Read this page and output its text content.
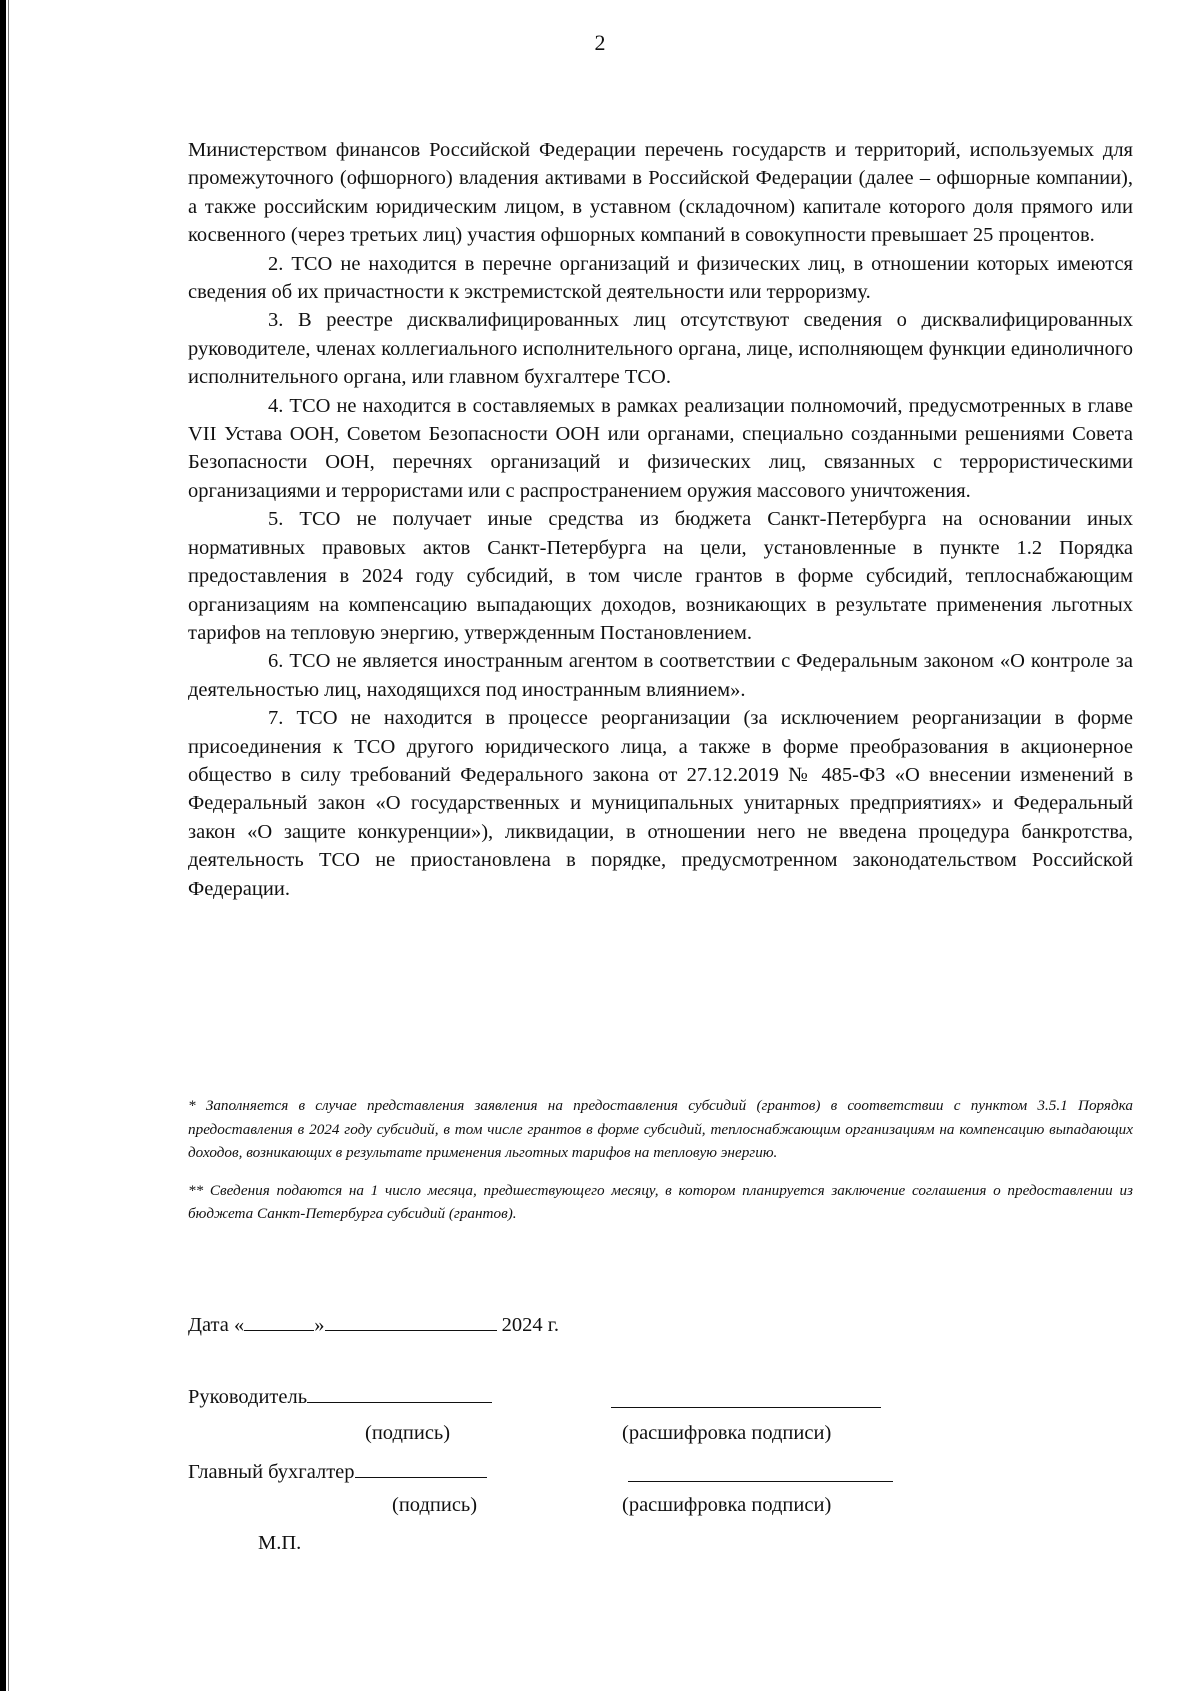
2

Министерством финансов Российской Федерации перечень государств и территорий, используемых для промежуточного (офшорного) владения активами в Российской Федерации (далее – офшорные компании), а также российским юридическим лицом, в уставном (складочном) капитале которого доля прямого или косвенного (через третьих лиц) участия офшорных компаний в совокупности превышает 25 процентов.

2. ТСО не находится в перечне организаций и физических лиц, в отношении которых имеются сведения об их причастности к экстремистской деятельности или терроризму.

3. В реестре дисквалифицированных лиц отсутствуют сведения о дисквалифицированных руководителе, членах коллегиального исполнительного органа, лице, исполняющем функции единоличного исполнительного органа, или главном бухгалтере ТСО.

4. ТСО не находится в составляемых в рамках реализации полномочий, предусмотренных в главе VII Устава ООН, Советом Безопасности ООН или органами, специально созданными решениями Совета Безопасности ООН, перечнях организаций и физических лиц, связанных с террористическими организациями и террористами или с распространением оружия массового уничтожения.

5. ТСО не получает иные средства из бюджета Санкт-Петербурга на основании иных нормативных правовых актов Санкт-Петербурга на цели, установленные в пункте 1.2 Порядка предоставления в 2024 году субсидий, в том числе грантов в форме субсидий, теплоснабжающим организациям на компенсацию выпадающих доходов, возникающих в результате применения льготных тарифов на тепловую энергию, утвержденным Постановлением.

6. ТСО не является иностранным агентом в соответствии с Федеральным законом «О контроле за деятельностью лиц, находящихся под иностранным влиянием».

7. ТСО не находится в процессе реорганизации (за исключением реорганизации в форме присоединения к ТСО другого юридического лица, а также в форме преобразования в акционерное общество в силу требований Федерального закона от 27.12.2019 № 485-ФЗ «О внесении изменений в Федеральный закон «О государственных и муниципальных унитарных предприятиях» и Федеральный закон «О защите конкуренции»), ликвидации, в отношении него не введена процедура банкротства, деятельность ТСО не приостановлена в порядке, предусмотренном законодательством Российской Федерации.

* Заполняется в случае представления заявления на предоставления субсидий (грантов) в соответствии с пунктом 3.5.1 Порядка предоставления в 2024 году субсидий, в том числе грантов в форме субсидий, теплоснабжающим организациям на компенсацию выпадающих доходов, возникающих в результате применения льготных тарифов на тепловую энергию.

** Сведения подаются на 1 число месяца, предшествующего месяцу, в котором планируется заключение соглашения о предоставлении из бюджета Санкт-Петербурга субсидий (грантов).

Дата «	»	2024 г.
Руководитель
(подпись)	(расшифровка подписи)
Главный бухгалтер
(подпись)	(расшифровка подписи)
М.П.
